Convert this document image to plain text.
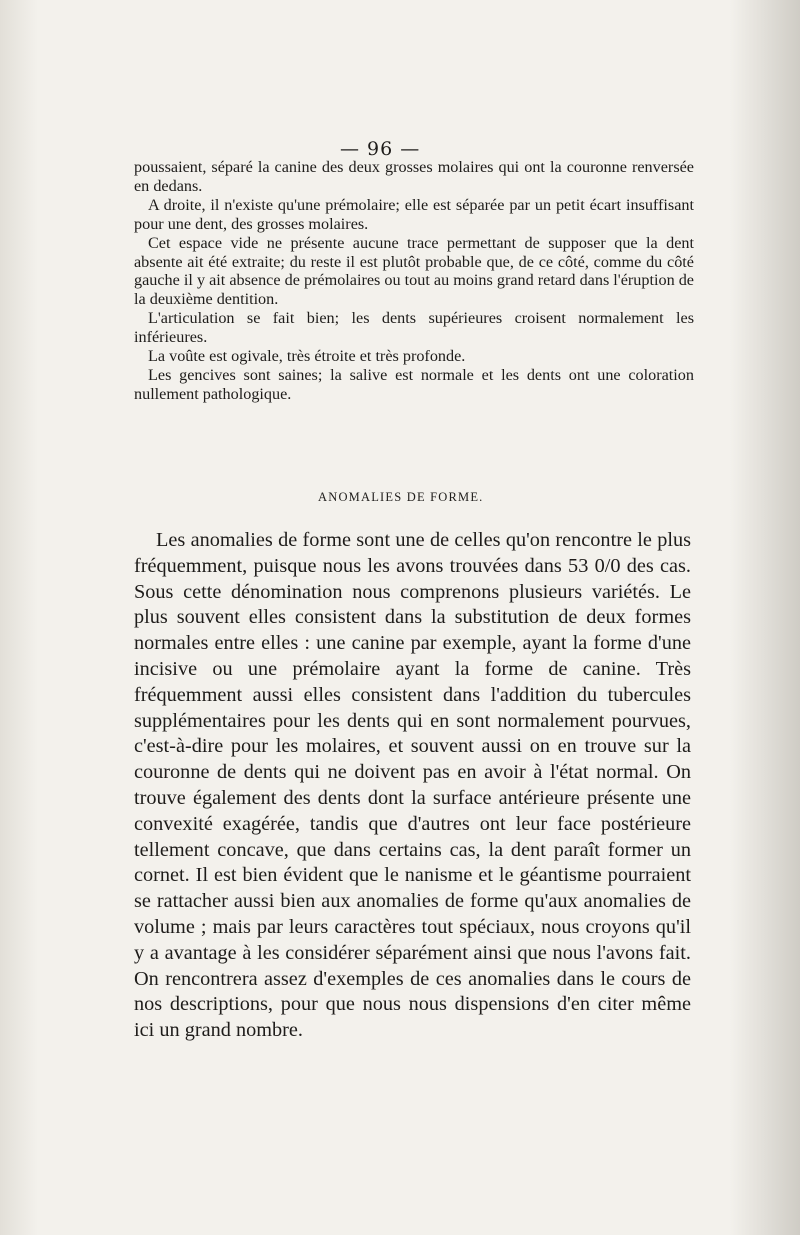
— 96 —

poussaient, séparé la canine des deux grosses molaires qui ont la couronne renversée en dedans.

A droite, il n'existe qu'une prémolaire; elle est séparée par un petit écart insuffisant pour une dent, des grosses molaires.

Cet espace vide ne présente aucune trace permettant de supposer que la dent absente ait été extraite; du reste il est plutôt probable que, de ce côté, comme du côté gauche il y ait absence de prémolaires ou tout au moins grand retard dans l'éruption de la deuxième dentition.

L'articulation se fait bien; les dents supérieures croisent normalement les inférieures.

La voûte est ogivale, très étroite et très profonde.

Les gencives sont saines; la salive est normale et les dents ont une coloration nullement pathologique.

ANOMALIES DE FORME.

Les anomalies de forme sont une de celles qu'on rencontre le plus fréquemment, puisque nous les avons trouvées dans 53 0/0 des cas. Sous cette dénomination nous comprenons plusieurs variétés. Le plus souvent elles consistent dans la substitution de deux formes normales entre elles : une canine par exemple, ayant la forme d'une incisive ou une prémolaire ayant la forme de canine. Très fréquemment aussi elles consistent dans l'addition du tubercules supplémentaires pour les dents qui en sont normalement pourvues, c'est-à-dire pour les molaires, et souvent aussi on en trouve sur la couronne de dents qui ne doivent pas en avoir à l'état normal. On trouve également des dents dont la surface antérieure présente une convexité exagérée, tandis que d'autres ont leur face postérieure tellement concave, que dans certains cas, la dent paraît former un cornet. Il est bien évident que le nanisme et le géantisme pourraient se rattacher aussi bien aux anomalies de forme qu'aux anomalies de volume ; mais par leurs caractères tout spéciaux, nous croyons qu'il y a avantage à les considérer séparément ainsi que nous l'avons fait. On rencontrera assez d'exemples de ces anomalies dans le cours de nos descriptions, pour que nous nous dispensions d'en citer même ici un grand nombre.
